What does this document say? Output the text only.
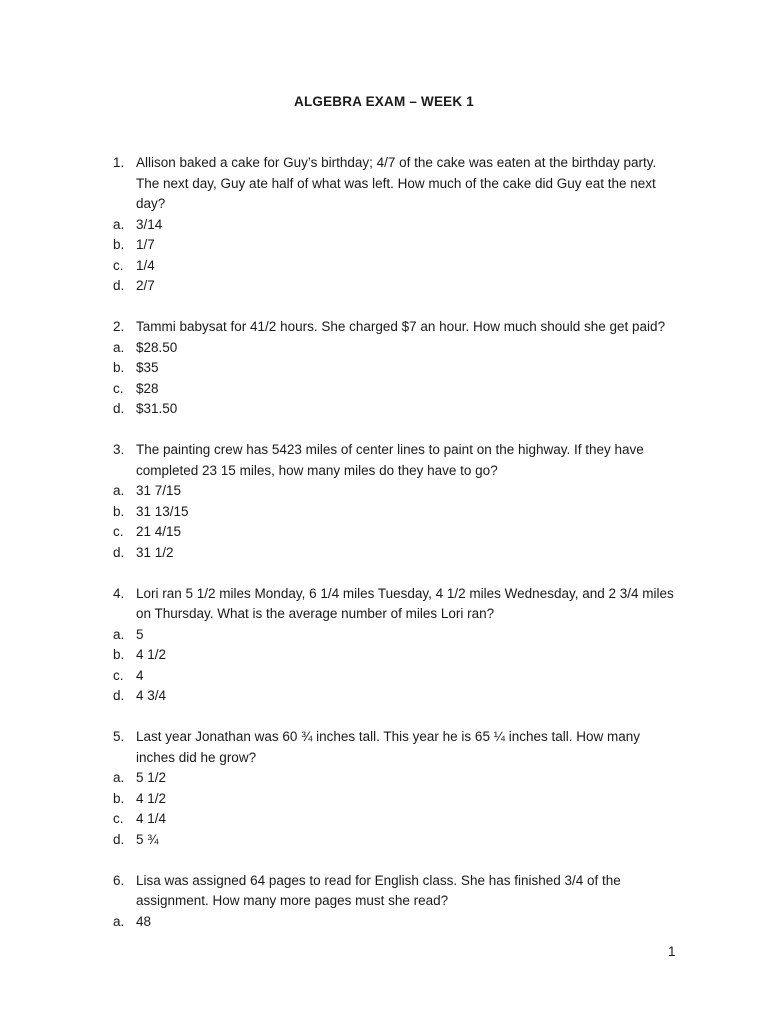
ALGEBRA EXAM – WEEK 1
1. Allison baked a cake for Guy’s birthday; 4/7 of the cake was eaten at the birthday party. The next day, Guy ate half of what was left. How much of the cake did Guy eat the next day?
a. 3/14
b. 1/7
c. 1/4
d. 2/7
2. Tammi babysat for 41/2 hours. She charged $7 an hour. How much should she get paid?
a. $28.50
b. $35
c. $28
d. $31.50
3. The painting crew has 5423 miles of center lines to paint on the highway. If they have completed 23 15 miles, how many miles do they have to go?
a. 31 7/15
b. 31 13/15
c. 21 4/15
d. 31 1/2
4. Lori ran 5 1/2 miles Monday, 6 1/4 miles Tuesday, 4 1/2 miles Wednesday, and 2 3/4 miles on Thursday. What is the average number of miles Lori ran?
a. 5
b. 4 1/2
c. 4
d. 4 3/4
5. Last year Jonathan was 60 ¾ inches tall. This year he is 65 ¼ inches tall. How many inches did he grow?
a. 5 1/2
b. 4 1/2
c. 4 1/4
d. 5 ¾
6. Lisa was assigned 64 pages to read for English class. She has finished 3/4 of the assignment. How many more pages must she read?
a. 48
1
